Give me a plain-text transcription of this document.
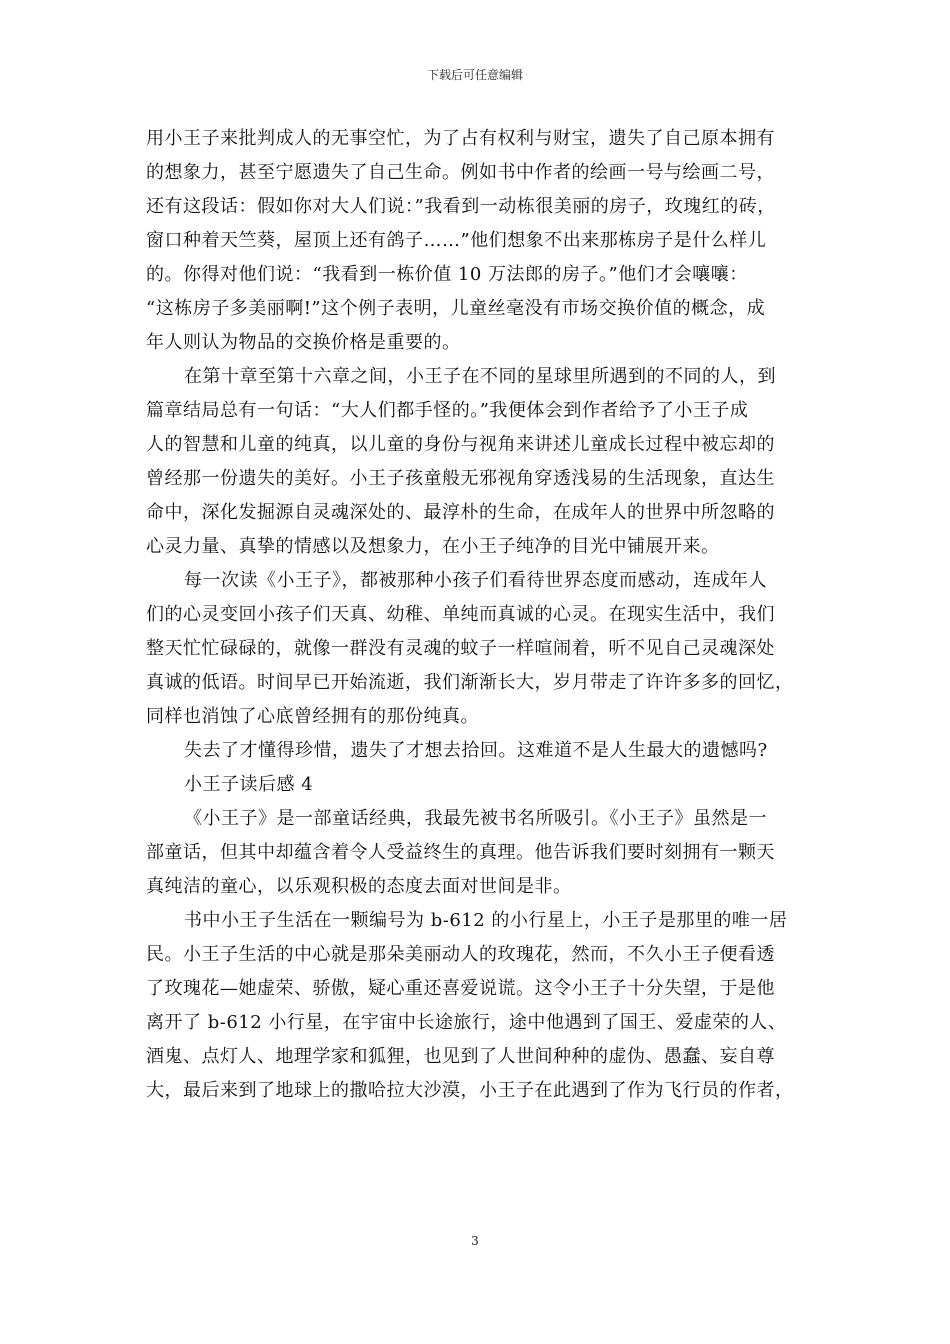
下载后可任意编辑
用小王子来批判成人的无事空忙，为了占有权利与财宝，遗失了自己原本拥有
的想象力，甚至宁愿遗失了自己生命。例如书中作者的绘画一号与绘画二号，
还有这段话：假如你对大人们说：”我看到一动栋很美丽的房子，玫瑰红的砖，
窗口种着天竺葵，屋顶上还有鸽子……”他们想象不出来那栋房子是什么样儿
的。你得对他们说：“我看到一栋价值 10 万法郎的房子。”他们才会嚷嚷：
“这栋房子多美丽啊!”这个例子表明，儿童丝毫没有市场交换价值的概念，成
年人则认为物品的交换价格是重要的。
在第十章至第十六章之间，小王子在不同的星球里所遇到的不同的人，到
篇章结局总有一句话：“大人们都手怪的。”我便体会到作者给予了小王子成
人的智慧和儿童的纯真，以儿童的身份与视角来讲述儿童成长过程中被忘却的
曾经那一份遗失的美好。小王子孩童般无邪视角穿透浅易的生活现象，直达生
命中，深化发掘源自灵魂深处的、最淳朴的生命，在成年人的世界中所忽略的
心灵力量、真挚的情感以及想象力，在小王子纯净的目光中铺展开来。
每一次读《小王子》，都被那种小孩子们看待世界态度而感动，连成年人
们的心灵变回小孩子们天真、幼稚、单纯而真诚的心灵。在现实生活中，我们
整天忙忙碌碌的，就像一群没有灵魂的蚊子一样喧闹着，听不见自己灵魂深处
真诚的低语。时间早已开始流逝，我们渐渐长大，岁月带走了许许多多的回忆，
同样也消蚀了心底曾经拥有的那份纯真。
失去了才懂得珍惜，遗失了才想去拾回。这难道不是人生最大的遗憾吗?
小王子读后感 4
《小王子》是一部童话经典，我最先被书名所吸引。《小王子》虽然是一
部童话，但其中却蕴含着令人受益终生的真理。他告诉我们要时刻拥有一颗天
真纯洁的童心，以乐观积极的态度去面对世间是非。
书中小王子生活在一颗编号为 b-612 的小行星上，小王子是那里的唯一居
民。小王子生活的中心就是那朵美丽动人的玫瑰花，然而，不久小王子便看透
了玫瑰花—她虚荣、骄傲，疑心重还喜爱说谎。这令小王子十分失望，于是他
离开了 b-612 小行星，在宇宙中长途旅行，途中他遇到了国王、爱虚荣的人、
酒鬼、点灯人、地理学家和狐狸，也见到了人世间种种的虚伪、愚蠢、妄自尊
大，最后来到了地球上的撒哈拉大沙漠，小王子在此遇到了作为飞行员的作者，
3
